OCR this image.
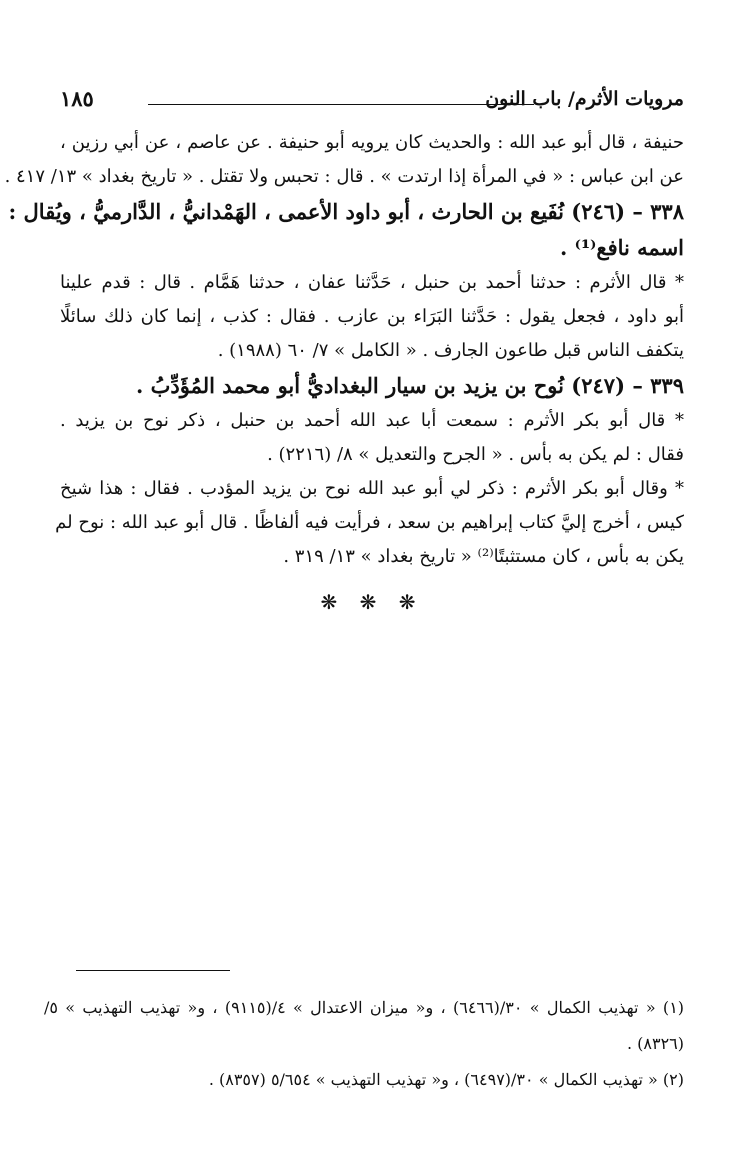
مرويات الأثرم/ باب النون
١٨٥
حنيفة ، قال أبو عبد الله : والحديث كان يرويه أبو حنيفة . عن عاصم ، عن أبي رزين ،
عن ابن عباس : « في المرأة إذا ارتدت » . قال : تحبس ولا تقتل . « تاريخ بغداد » ١٣/ ٤١٧ .
٣٣٨ – (٢٤٦) نُفَيع بن الحارث ، أبو داود الأعمى ، الهَمْدانيُّ ، الدَّارميُّ ، ويُقال :
اسمه نافع⁽¹⁾ .
* قال الأثرم : حدثنا أحمد بن حنبل ، حَدَّثنا عفان ، حدثنا هَمَّام . قال : قدم علينا
أبو داود ، فجعل يقول : حَدَّثنا البَرَاء بن عازب . فقال : كذب ، إنما كان ذلك سائلًا
يتكفف الناس قبل طاعون الجارف . « الكامل » ٧/ ٦٠ (١٩٨٨) .
٣٣٩ – (٢٤٧) نُوح بن يزيد بن سيار البغداديُّ أبو محمد المُؤَدِّبُ .
* قال أبو بكر الأثرم : سمعت أبا عبد الله أحمد بن حنبل ، ذكر نوح بن يزيد .
فقال : لم يكن به بأس . « الجرح والتعديل » ٨/ (٢٢١٦) .
* وقال أبو بكر الأثرم : ذكر لي أبو عبد الله نوح بن يزيد المؤدب . فقال : هذا شيخ
كيس ، أخرج إليَّ كتاب إبراهيم بن سعد ، فرأيت فيه ألفاظًا . قال أبو عبد الله : نوح لم
يكن به بأس ، كان مستثبتًا⁽²⁾ « تاريخ بغداد » ١٣/ ٣١٩ .
❋ ❋ ❋
(١) « تهذيب الكمال » ٣٠/(٦٤٦٦) ، و« ميزان الاعتدال » ٤/(٩١١٥) ، و« تهذيب التهذيب » ٥/
(٨٣٢٦) .
(٢) « تهذيب الكمال » ٣٠/(٦٤٩٧) ، و« تهذيب التهذيب » ٥/٦٥٤ (٨٣٥٧) .
